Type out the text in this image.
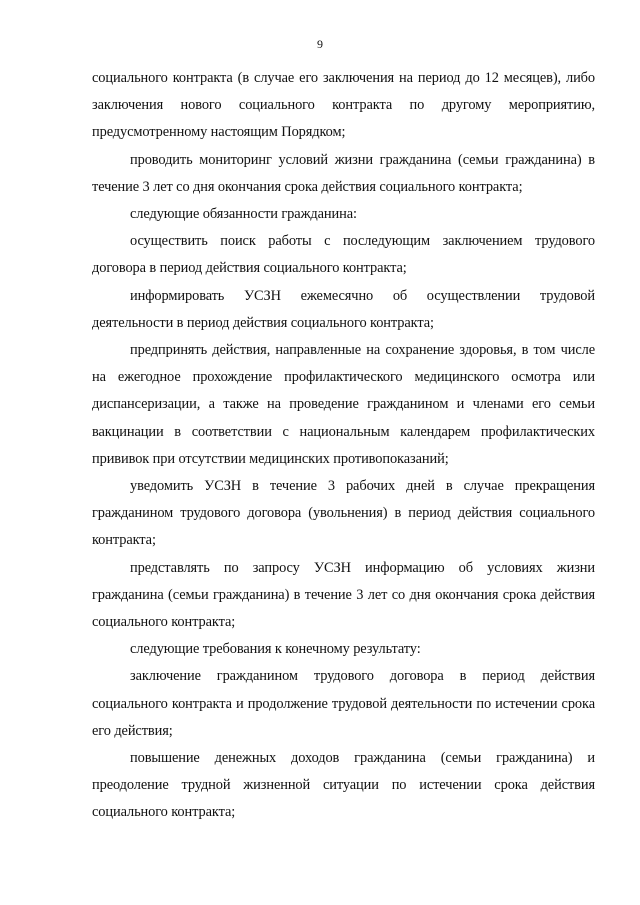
9

социального контракта (в случае его заключения на период до 12 месяцев), либо заключения нового социального контракта по другому мероприятию, предусмотренному настоящим Порядком;

проводить мониторинг условий жизни гражданина (семьи гражданина) в течение 3 лет со дня окончания срока действия социального контракта;

следующие обязанности гражданина:

осуществить поиск работы с последующим заключением трудового договора в период действия социального контракта;

информировать УСЗН ежемесячно об осуществлении трудовой деятельности в период действия социального контракта;

предпринять действия, направленные на сохранение здоровья, в том числе на ежегодное прохождение профилактического медицинского осмотра или диспансеризации, а также на проведение гражданином и членами его семьи вакцинации в соответствии с национальным календарем профилактических прививок при отсутствии медицинских противопоказаний;

уведомить УСЗН в течение 3 рабочих дней в случае прекращения гражданином трудового договора (увольнения) в период действия социального контракта;

представлять по запросу УСЗН информацию об условиях жизни гражданина (семьи гражданина) в течение 3 лет со дня окончания срока действия социального контракта;

следующие требования к конечному результату:

заключение гражданином трудового договора в период действия социального контракта и продолжение трудовой деятельности по истечении срока его действия;

повышение денежных доходов гражданина (семьи гражданина) и преодоление трудной жизненной ситуации по истечении срока действия социального контракта;
